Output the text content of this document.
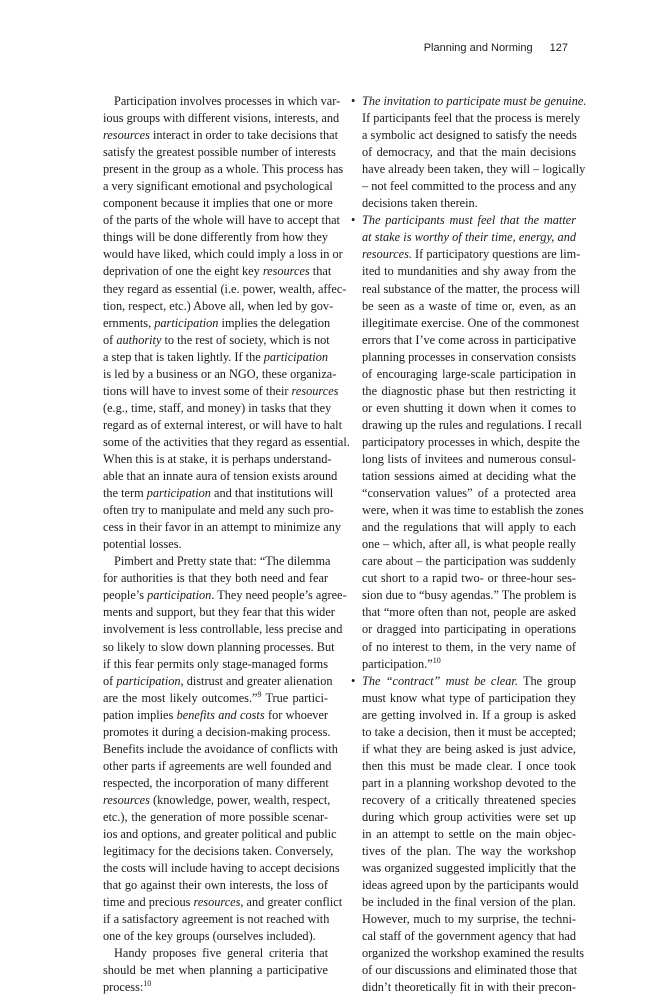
Planning and Norming 127
Participation involves processes in which var-
ious groups with different visions, interests, and
resources interact in order to take decisions that
satisfy the greatest possible number of interests
present in the group as a whole. This process has
a very significant emotional and psychological
component because it implies that one or more
of the parts of the whole will have to accept that
things will be done differently from how they
would have liked, which could imply a loss in or
deprivation of one the eight key resources that
they regard as essential (i.e. power, wealth, affec-
tion, respect, etc.) Above all, when led by gov-
ernments, participation implies the delegation
of authority to the rest of society, which is not
a step that is taken lightly. If the participation
is led by a business or an NGO, these organiza-
tions will have to invest some of their resources
(e.g., time, staff, and money) in tasks that they
regard as of external interest, or will have to halt
some of the activities that they regard as essential.
When this is at stake, it is perhaps understand-
able that an innate aura of tension exists around
the term participation and that institutions will
often try to manipulate and meld any such pro-
cess in their favor in an attempt to minimize any
potential losses.
Pimbert and Pretty state that: “The dilemma
for authorities is that they both need and fear
people’s participation. They need people’s agree-
ments and support, but they fear that this wider
involvement is less controllable, less precise and
so likely to slow down planning processes. But
if this fear permits only stage-managed forms
of participation, distrust and greater alienation
are the most likely outcomes.”$^9$ True partici-
pation implies benefits and costs for whoever
promotes it during a decision-making process.
Benefits include the avoidance of conflicts with
other parts if agreements are well founded and
respected, the incorporation of many different
resources (knowledge, power, wealth, respect,
etc.), the generation of more possible scenar-
ios and options, and greater political and public
legitimacy for the decisions taken. Conversely,
the costs will include having to accept decisions
that go against their own interests, the loss of
time and precious resources, and greater conflict
if a satisfactory agreement is not reached with
one of the key groups (ourselves included).
Handy proposes five general criteria that
should be met when planning a participative
process:$^{10}$
• The invitation to participate must be genuine.
If participants feel that the process is merely
a symbolic act designed to satisfy the needs
of democracy, and that the main decisions
have already been taken, they will – logically
– not feel committed to the process and any
decisions taken therein.
• The participants must feel that the matter
at stake is worthy of their time, energy, and
resources. If participatory questions are lim-
ited to mundanities and shy away from the
real substance of the matter, the process will
be seen as a waste of time or, even, as an
illegitimate exercise. One of the commonest
errors that I’ve come across in participative
planning processes in conservation consists
of encouraging large-scale participation in
the diagnostic phase but then restricting it
or even shutting it down when it comes to
drawing up the rules and regulations. I recall
participatory processes in which, despite the
long lists of invitees and numerous consul-
tation sessions aimed at deciding what the
“conservation values” of a protected area
were, when it was time to establish the zones
and the regulations that will apply to each
one – which, after all, is what people really
care about – the participation was suddenly
cut short to a rapid two- or three-hour ses-
sion due to “busy agendas.” The problem is
that “more often than not, people are asked
or dragged into participating in operations
of no interest to them, in the very name of
participation.”$^{10}$
• The “contract” must be clear. The group
must know what type of participation they
are getting involved in. If a group is asked
to take a decision, then it must be accepted;
if what they are being asked is just advice,
then this must be made clear. I once took
part in a planning workshop devoted to the
recovery of a critically threatened species
during which group activities were set up
in an attempt to settle on the main objec-
tives of the plan. The way the workshop
was organized suggested implicitly that the
ideas agreed upon by the participants would
be included in the final version of the plan.
However, much to my surprise, the techni-
cal staff of the government agency that had
organized the workshop examined the results
of our discussions and eliminated those that
didn’t theoretically fit in with their precon-
